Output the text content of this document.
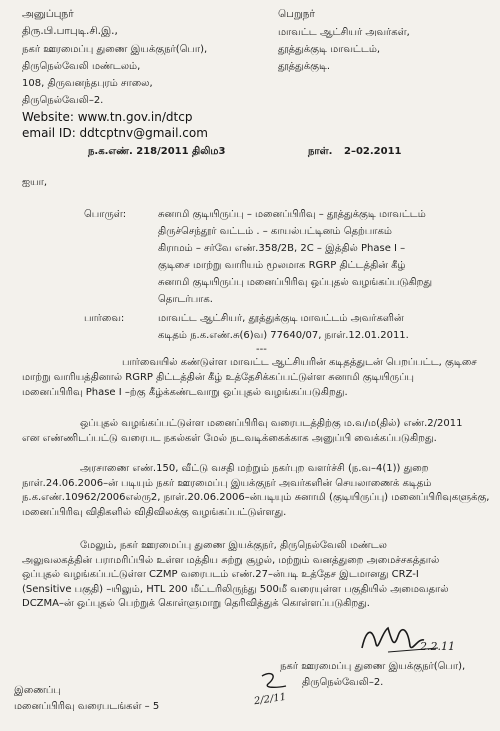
அனுப்புநர்
திரு.பி.பாபுடி.சி.இ.,
நகர் ஊரமைப்பு துணை இயக்குநர்(பொ),
திருநெல்வேலி மண்டலம்,
108, திருவனந்தபுரம் சாலை,
திருநெல்வேலி–2.
Website: www.tn.gov.in/dtcp
email ID: ddtcptnv@gmail.com
பெறுநர்
மாவட்ட ஆட்சியர் அவர்கள்,
தூத்துக்குடி மாவட்டம்,
தூத்துக்குடி.
ந.க.எண். 218/2011 திலிம3	நாள். 2–02.2011
ஐயா,
பொருள்:	சுனாமி குடியிருப்பு – மனைப்பிரிவு – தூத்துக்குடி மாவட்டம்
திருச்செந்தூர் வட்டம் . – காயல்பட்டினம் தெற்பாகம்
கிராமம் – சர்வே எண்.358/2B, 2C – இத்தில் Phase I –
குடிசை மாற்று வாரியம் மூலமாக RGRP திட்டத்தின் கீழ்
சுனாமி குடியிருப்பு மனைப்பிரிவு ஒப்புதல் வழங்கப்படுகிறது
தொடர்பாக.
பார்வை:	மாவட்ட ஆட்சியர், தூத்துக்குடி மாவட்டம் அவர்களின்
கடிதம் ந.க.எண்.சு(6)வ) 77640/07, நாள்.12.01.2011.
---
பார்வையில் கண்டுள்ள மாவட்ட ஆட்சியரின் கடிதத்துடன் பெறப்பட்ட, குடிசை
மாற்று வாரியத்தினால் RGRP திட்டத்தின் கீழ் உத்தேசிக்கப்பட்டுள்ள சுனாமி குடியிருப்பு
மனைப்பிரிவு Phase I –ற்கு கீழ்க்கண்டவாறு ஒப்புதல் வழங்கப்படுகிறது.
ஒப்புதல் வழங்கப்பட்டுள்ள மனைப்பிரிவு வரைபடத்திற்கு ம.வ/ம(தில்) எண்.2/2011
என எண்ணிடப்பட்டு வரைபட நகல்கள் மேல் நடவடிக்கைக்காக அனுப்பி வைக்கப்படுகிறது.
அரசாணை எண்.150, வீட்டு வசதி மற்றும் நகர்புற வளர்ச்சி (ந.வ–4(1)) துறை
நாள்.24.06.2006–ன் படியும் நகர் ஊரமைப்பு இயக்குநர் அவர்களின் செயலாணைக் கடிதம்
ந.க.எண்.10962/2006எல்ரு2, நாள்.20.06.2006–ன்படியும் சுனாமி (குடியிருப்பு) மனைப்பிரிவுகளுக்கு,
மனைப்பிரிவு விதிகளில் விதிவிலக்கு வழங்கப்பட்டுள்ளது.
மேலும், நகர் ஊரமைப்பு துணை இயக்குநர், திருநெல்வேலி மண்டல
அலுவலகத்தின் பராமரிப்பில் உள்ள மத்திய சுற்று சூழல், மற்றும் வனத்துறை அமைச்சகத்தால்
ஒப்புதல் வழங்கப்பட்டுள்ள CZMP வரைபடம் எண்.27–ன்படி உத்தேச இடமானது CRZ-I
(Sensitive பகுதி) –யிலும், HTL 200 மீட்டரிலிருந்து 500மீ வரையுள்ள பகுதியில் அமைவதால்
DCZMA–ன் ஒப்புதல் பெற்றுக் கொள்ளுமாறு தெரிவித்துக் கொள்ளப்படுகிறது.
2.2.11
நகர் ஊரமைப்பு துணை இயக்குநர்(பொ),
திருநெல்வேலி–2.
2/2/11
இணைப்பு
மனைப்பிரிவு வரைபடங்கள் – 5
